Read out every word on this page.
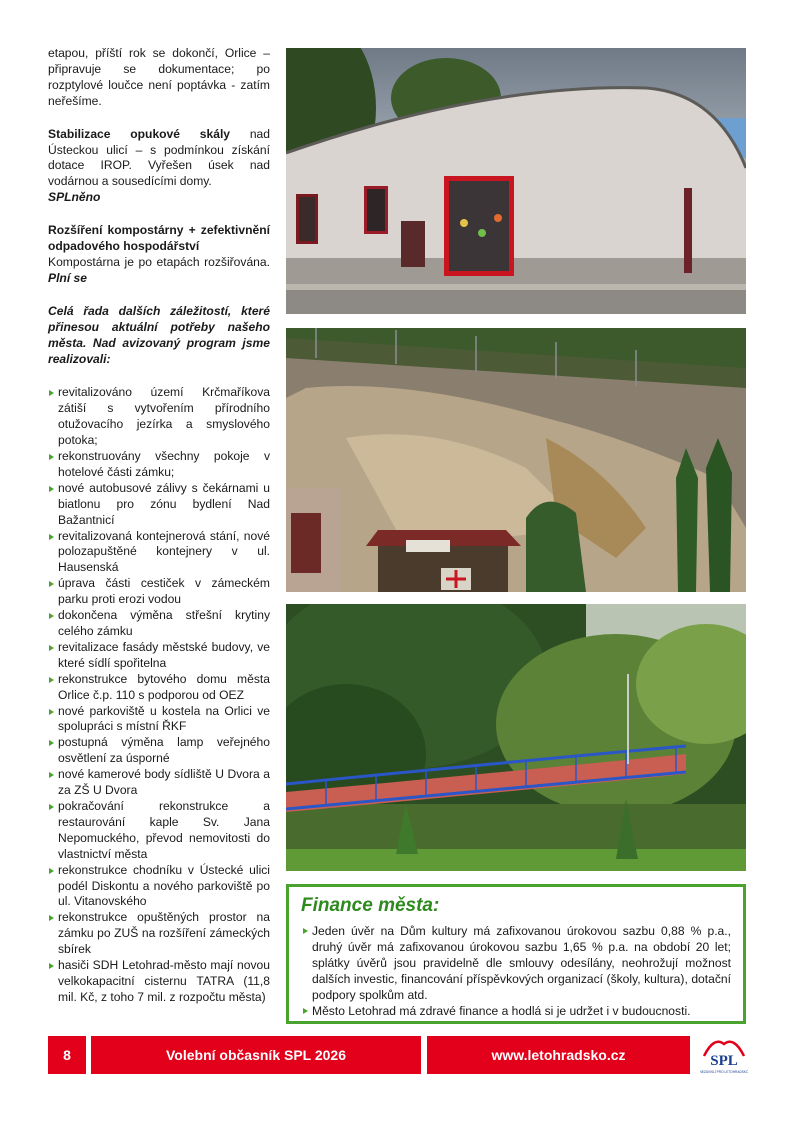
etapou, příští rok se dokončí, Orlice – připravuje se dokumentace; po rozptylové loučce není poptávka - zatím neřešíme.

Stabilizace opukové skály nad Ústeckou ulicí – s podmínkou získání dotace IROP. Vyřešen úsek nad vodárnou a sousedícími domy.
SPLněno

Rozšíření kompostárny + zefektivnění odpadového hospodářství
Kompostárna je po etapách rozšiřována. Plní se

Celá řada dalších záležitostí, které přinesou aktuální potřeby našeho města. Nad avizovaný program jsme realizovali:

revitalizováno území Krčmaříkova zátiší s vytvořením přírodního otužovacího jezírka a smyslového potoka;
rekonstruovány všechny pokoje v hotelové části zámku;
nové autobusové zálivy s čekárnami u biatlonu pro zónu bydlení Nad Bažantnicí
revitalizovaná kontejnerová stání, nové polozapuštěné kontejnery v ul. Hausenská
úprava části cestiček v zámeckém parku proti erozi vodou
dokončena výměna střešní krytiny celého zámku
revitalizace fasády městské budovy, ve které sídlí spořitelna
rekonstrukce bytového domu města Orlice č.p. 110 s podporou od OEZ
nové parkoviště u kostela na Orlici ve spolupráci s místní ŘKF
postupná výměna lamp veřejného osvětlení za úsporné
nové kamerové body sídliště U Dvora a za ZŠ U Dvora
pokračování rekonstrukce a restaurování kaple Sv. Jana Nepomuckého, převod nemovitosti do vlastnictví města
rekonstrukce chodníku v Ústecké ulici podél Diskontu a nového parkoviště po ul. Vitanovského
rekonstrukce opuštěných prostor na zámku po ZUŠ na rozšíření zámeckých sbírek
hasiči SDH Letohrad-město mají novou velkokapacitní cisternu TATRA (11,8 mil. Kč, z toho 7 mil. z rozpočtu města)
Finance města:
Jeden úvěr na Dům kultury má zafixovanou úrokovou sazbu 0,88 % p.a., druhý úvěr má zafixovanou úrokovou sazbu 1,65 % p.a. na období 20 let; splátky úvěrů jsou pravidelně dle smlouvy odesílány, neohrožují možnost dalších investic, financování příspěvkových organizací (školy, kultura), dotační podpory spolkům atd.
Město Letohrad má zdravé finance a hodlá si je udržet i v budoucnosti.
8	Volební občasník SPL 2026	www.letohradsko.cz	SPL
NEZÁVISLÍ PRO LETOHRADSKO
